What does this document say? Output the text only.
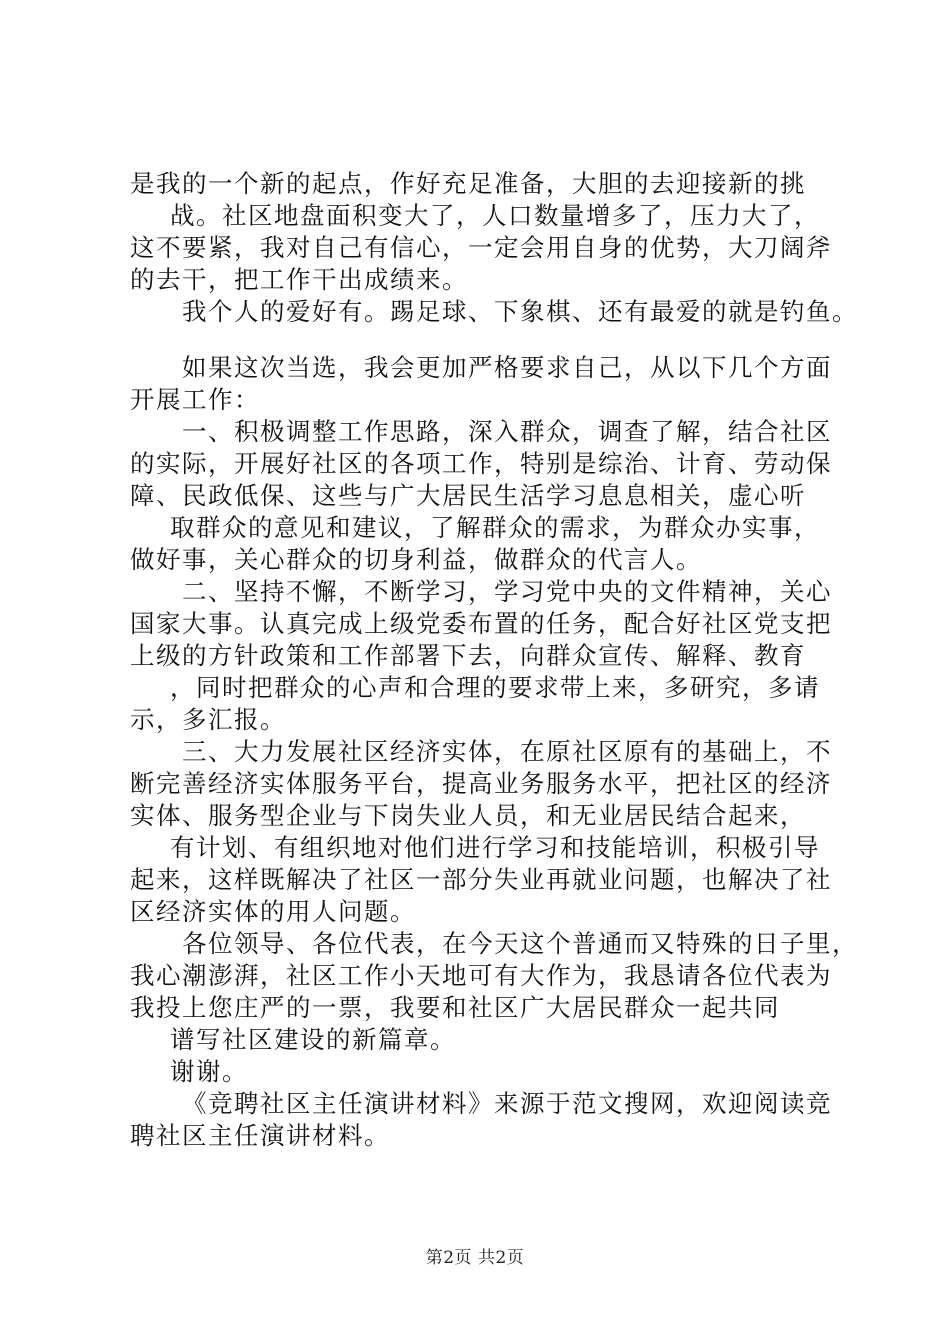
是我的一个新的起点，作好充足准备，大胆的去迎接新的挑
战。社区地盘面积变大了，人口数量增多了，压力大了，
这不要紧，我对自己有信心，一定会用自身的优势，大刀阔斧
的去干，把工作干出成绩来。
我个人的爱好有。踢足球、下象棋、还有最爱的就是钓鱼。
如果这次当选，我会更加严格要求自己，从以下几个方面
开展工作：
一、积极调整工作思路，深入群众，调查了解，结合社区
的实际，开展好社区的各项工作，特别是综治、计育、劳动保
障、民政低保、这些与广大居民生活学习息息相关，虚心听
取群众的意见和建议，了解群众的需求，为群众办实事，
做好事，关心群众的切身利益，做群众的代言人。
二、坚持不懈，不断学习，学习党中央的文件精神，关心
国家大事。认真完成上级党委布置的任务，配合好社区党支把
上级的方针政策和工作部署下去，向群众宣传、解释、教育
，同时把群众的心声和合理的要求带上来，多研究，多请
示，多汇报。
三、大力发展社区经济实体，在原社区原有的基础上，不
断完善经济实体服务平台，提高业务服务水平，把社区的经济
实体、服务型企业与下岗失业人员，和无业居民结合起来，
有计划、有组织地对他们进行学习和技能培训，积极引导
起来，这样既解决了社区一部分失业再就业问题，也解决了社
区经济实体的用人问题。
各位领导、各位代表，在今天这个普通而又特殊的日子里，
我心潮澎湃，社区工作小天地可有大作为，我恳请各位代表为
我投上您庄严的一票，我要和社区广大居民群众一起共同
谱写社区建设的新篇章。
谢谢。
《竞聘社区主任演讲材料》来源于范文搜网，欢迎阅读竞
聘社区主任演讲材料。
第2页 共2页
